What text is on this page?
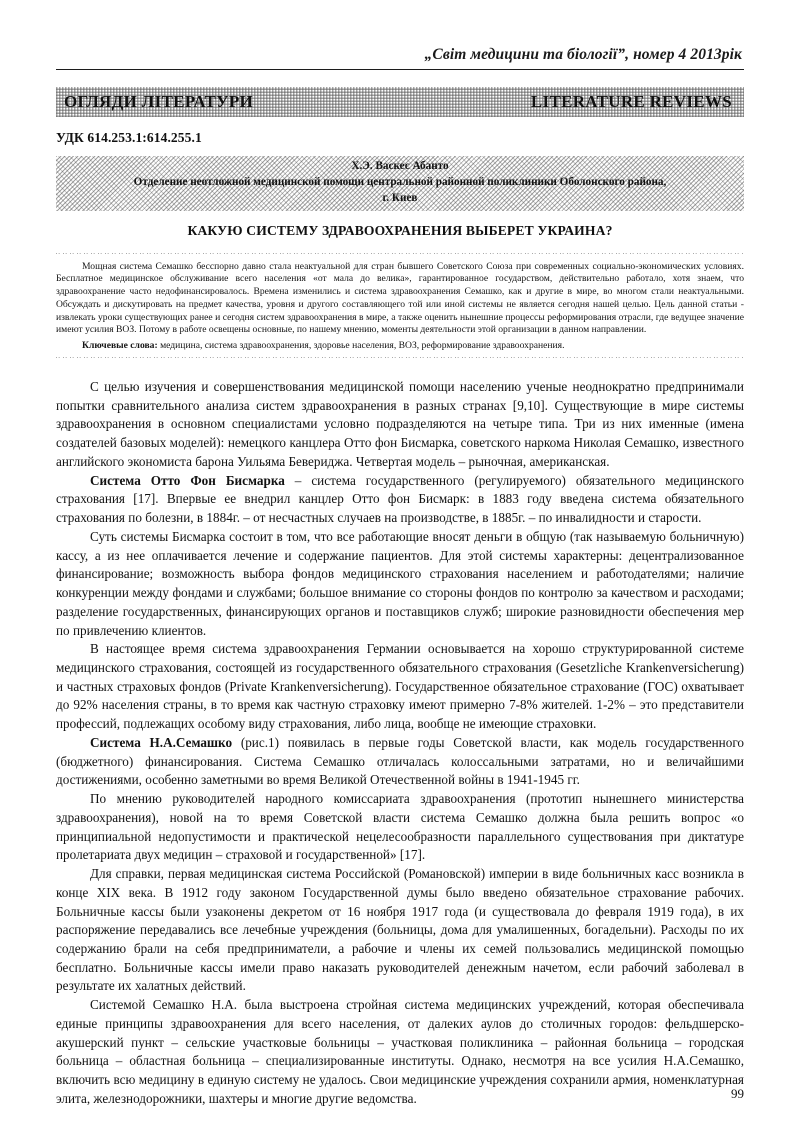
„Світ медицини та біологіїˮ, номер 4 2013рік
ОГЛЯДИ ЛІТЕРАТУРИ	LITERATURE REVIEWS
УДК 614.253.1:614.255.1
Х.Э. Васкес Абанто
Отделение неотложной медицинской помощи центральной районной поликлиники Оболонского района,
г. Киев
КАКУЮ СИСТЕМУ ЗДРАВООХРАНЕНИЯ ВЫБЕРЕТ УКРАИНА?
Мощная система Семашко бесспорно давно стала неактуальной для стран бывшего Советского Союза при современных социально-экономических условиях. Бесплатное медицинское обслуживание всего населения «от мала до велика», гарантированное государством, действительно работало, хотя знаем, что здравоохранение часто недофинансировалось. Времена изменились и система здравоохранения Семашко, как и другие в мире, во многом стали неактуальными. Обсуждать и дискутировать на предмет качества, уровня и другого составляющего той или иной системы не является сегодня нашей целью. Цель данной статьи - извлекать уроки существующих ранее и сегодня систем здравоохранения в мире, а также оценить нынешние процессы реформирования отрасли, где ведущее значение имеют усилия ВОЗ. Потому в работе освещены основные, по нашему мнению, моменты деятельности этой организации в данном направлении.
Ключевые слова: медицина, система здравоохранения, здоровье населения, ВОЗ, реформирование здравоохранения.

С целью изучения и совершенствования медицинской помощи населению ученые неоднократно предпринимали попытки сравнительного анализа систем здравоохранения в разных странах [9,10]. Существующие в мире системы здравоохранения в основном специалистами условно подразделяются на четыре типа. Три из них именные (имена создателей базовых моделей): немецкого канцлера Отто фон Бисмарка, советского наркома Николая Семашко, известного английского экономиста барона Уильяма Бевериджа. Четвертая модель – рыночная, американская.

Система Отто Фон Бисмарка – система государственного (регулируемого) обязательного медицинского страхования [17]. Впервые ее внедрил канцлер Отто фон Бисмарк: в 1883 году введена система обязательного страхования по болезни, в 1884г. – от несчастных случаев на производстве, в 1885г. – по инвалидности и старости.

Суть системы Бисмарка состоит в том, что все работающие вносят деньги в общую (так называемую больничную) кассу, а из нее оплачивается лечение и содержание пациентов. Для этой системы характерны: децентрализованное финансирование; возможность выбора фондов медицинского страхования населением и работодателями; наличие конкуренции между фондами и службами; большое внимание со стороны фондов по контролю за качеством и расходами; разделение государственных, финансирующих органов и поставщиков служб; широкие разновидности обеспечения мер по привлечению клиентов.

В настоящее время система здравоохранения Германии основывается на хорошо структурированной системе медицинского страхования, состоящей из государственного обязательного страхования (Gesetzliche Krankenversicherung) и частных страховых фондов (Private Krankenversicherung). Государственное обязательное страхование (ГОС) охватывает до 92% населения страны, в то время как частную страховку имеют примерно 7-8% жителей. 1-2% – это представители профессий, подлежащих особому виду страхования, либо лица, вообще не имеющие страховки.

Система Н.А.Семашко (рис.1) появилась в первые годы Советской власти, как модель государственного (бюджетного) финансирования. Система Семашко отличалась колоссальными затратами, но и величайшими достижениями, особенно заметными во время Великой Отечественной войны в 1941-1945 гг.

По мнению руководителей народного комиссариата здравоохранения (прототип нынешнего министерства здравоохранения), новой на то время Советской власти система Семашко должна была решить вопрос «о принципиальной недопустимости и практической нецелесообразности параллельного существования при диктатуре пролетариата двух медицин – страховой и государственной» [17].

Для справки, первая медицинская система Российской (Романовской) империи в виде больничных касс возникла в конце XIX века. В 1912 году законом Государственной думы было введено обязательное страхование рабочих. Больничные кассы были узаконены декретом от 16 ноября 1917 года (и существовала до февраля 1919 года), в их распоряжение передавались все лечебные учреждения (больницы, дома для умалишенных, богадельни). Расходы по их содержанию брали на себя предприниматели, а рабочие и члены их семей пользовались медицинской помощью бесплатно. Больничные кассы имели право наказать руководителей денежным начетом, если рабочий заболевал в результате их халатных действий.

Системой Семашко Н.А. была выстроена стройная система медицинских учреждений, которая обеспечивала единые принципы здравоохранения для всего населения, от далеких аулов до столичных городов: фельдшерско-акушерский пункт – сельские участковые больницы – участковая поликлиника – районная больница – городская больница – областная больница – специализированные институты. Однако, несмотря на все усилия Н.А.Семашко, включить всю медицину в единую систему не удалось. Свои медицинские учреждения сохранили армия, номенклатурная элита, железнодорожники, шахтеры и многие другие ведомства.	99
